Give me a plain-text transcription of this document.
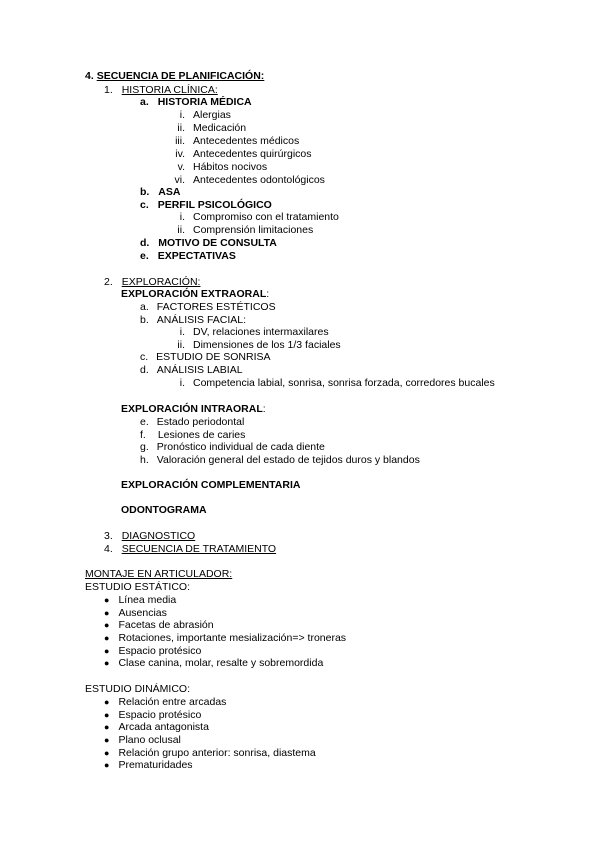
4. SECUENCIA DE PLANIFICACIÓN:
1. HISTORIA CLÍNICA:
a. HISTORIA MÉDICA
i. Alergias
ii. Medicación
iii. Antecedentes médicos
iv. Antecedentes quirúrgicos
v. Hábitos nocivos
vi. Antecedentes odontológicos
b. ASA
c. PERFIL PSICOLÓGICO
i. Compromiso con el tratamiento
ii. Comprensión limitaciones
d. MOTIVO DE CONSULTA
e. EXPECTATIVAS
2. EXPLORACIÓN:
EXPLORACIÓN EXTRAORAL:
a. FACTORES ESTÉTICOS
b. ANÁLISIS FACIAL:
i. DV, relaciones intermaxilares
ii. Dimensiones de los 1/3 faciales
c. ESTUDIO DE SONRISA
d. ANÁLISIS LABIAL
i. Competencia labial, sonrisa, sonrisa forzada, corredores bucales
EXPLORACIÓN INTRAORAL:
e. Estado periodontal
f. Lesiones de caries
g. Pronóstico individual de cada diente
h. Valoración general del estado de tejidos duros y blandos
EXPLORACIÓN COMPLEMENTARIA
ODONTOGRAMA
3. DIAGNOSTICO
4. SECUENCIA DE TRATAMIENTO
MONTAJE EN ARTICULADOR:
ESTUDIO ESTÁTICO:
● Línea media
● Ausencias
● Facetas de abrasión
● Rotaciones, importante mesialización=> troneras
● Espacio protésico
● Clase canina, molar, resalte y sobremordida
ESTUDIO DINÁMICO:
● Relación entre arcadas
● Espacio protésico
● Arcada antagonista
● Plano oclusal
● Relación grupo anterior: sonrisa, diastema
● Prematuridades
